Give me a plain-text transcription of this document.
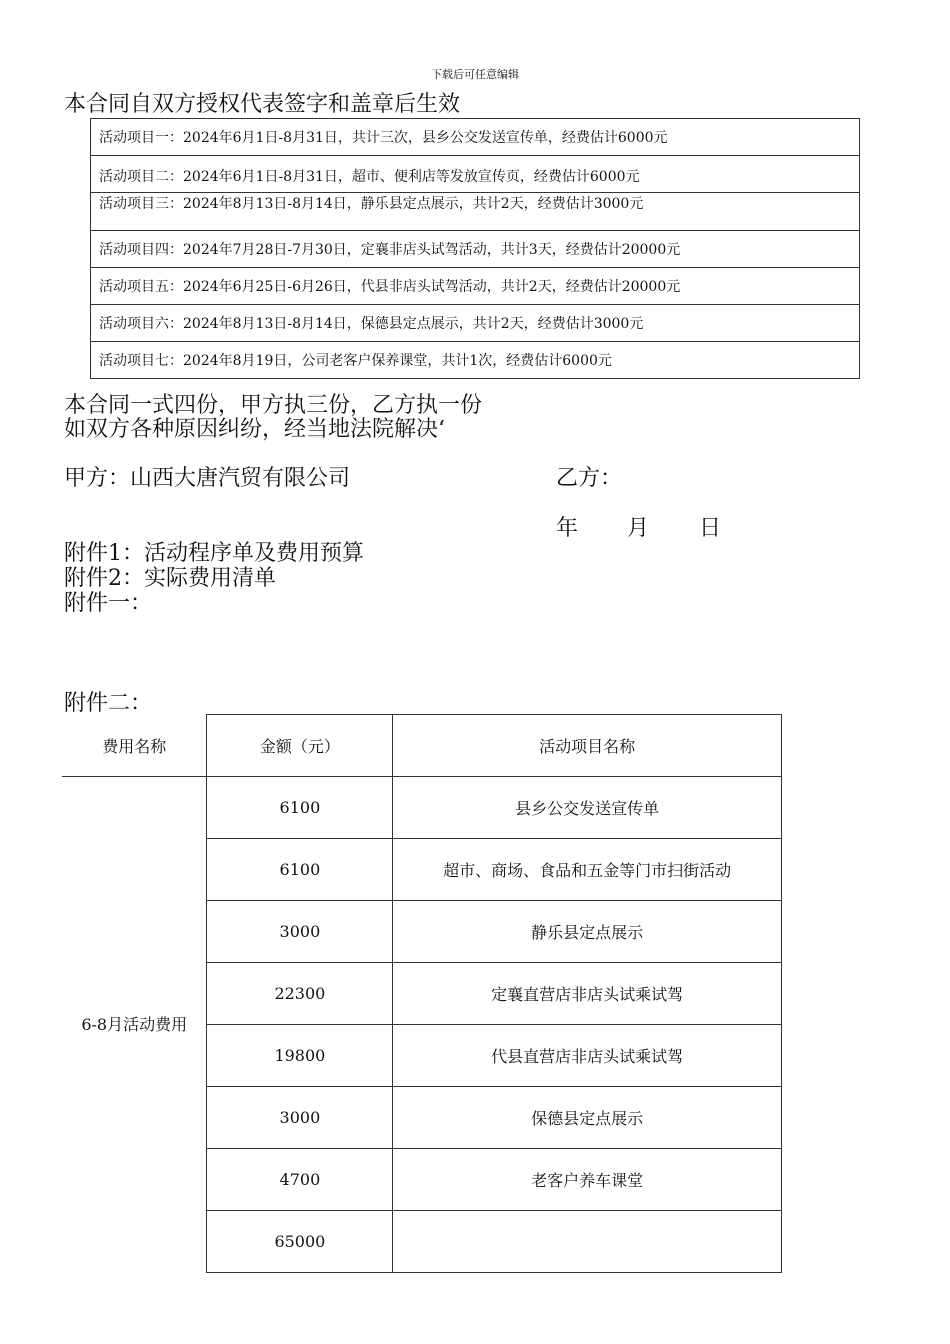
下载后可任意编辑
本合同自双方授权代表签字和盖章后生效
活动项目一：2024年6月1日-8月31日，共计三次，县乡公交发送宣传单，经费估计6000元
活动项目二：2024年6月1日-8月31日，超市、便利店等发放宣传页，经费估计6000元
活动项目三：2024年8月13日-8月14日，静乐县定点展示，共计2天，经费估计3000元
活动项目四：2024年7月28日-7月30日，定襄非店头试驾活动，共计3天，经费估计20000元
活动项目五：2024年6月25日-6月26日，代县非店头试驾活动，共计2天，经费估计20000元
活动项目六：2024年8月13日-8月14日，保德县定点展示，共计2天，经费估计3000元
活动项目七：2024年8月19日，公司老客户保养课堂，共计1次，经费估计6000元
本合同一式四份，甲方执三份，乙方执一份
如双方各种原因纠纷，经当地法院解决‘
甲方：山西大唐汽贸有限公司	乙方：
年 月 日
附件1：活动程序单及费用预算
附件2：实际费用清单
附件一：
附件二：
费用名称	金额（元）	活动项目名称
6-8月活动费用	6100	县乡公交发送宣传单
	6100	超市、商场、食品和五金等门市扫街活动
	3000	静乐县定点展示
	22300	定襄直营店非店头试乘试驾
	19800	代县直营店非店头试乘试驾
	3000	保德县定点展示
	4700	老客户养车课堂
	65000	
